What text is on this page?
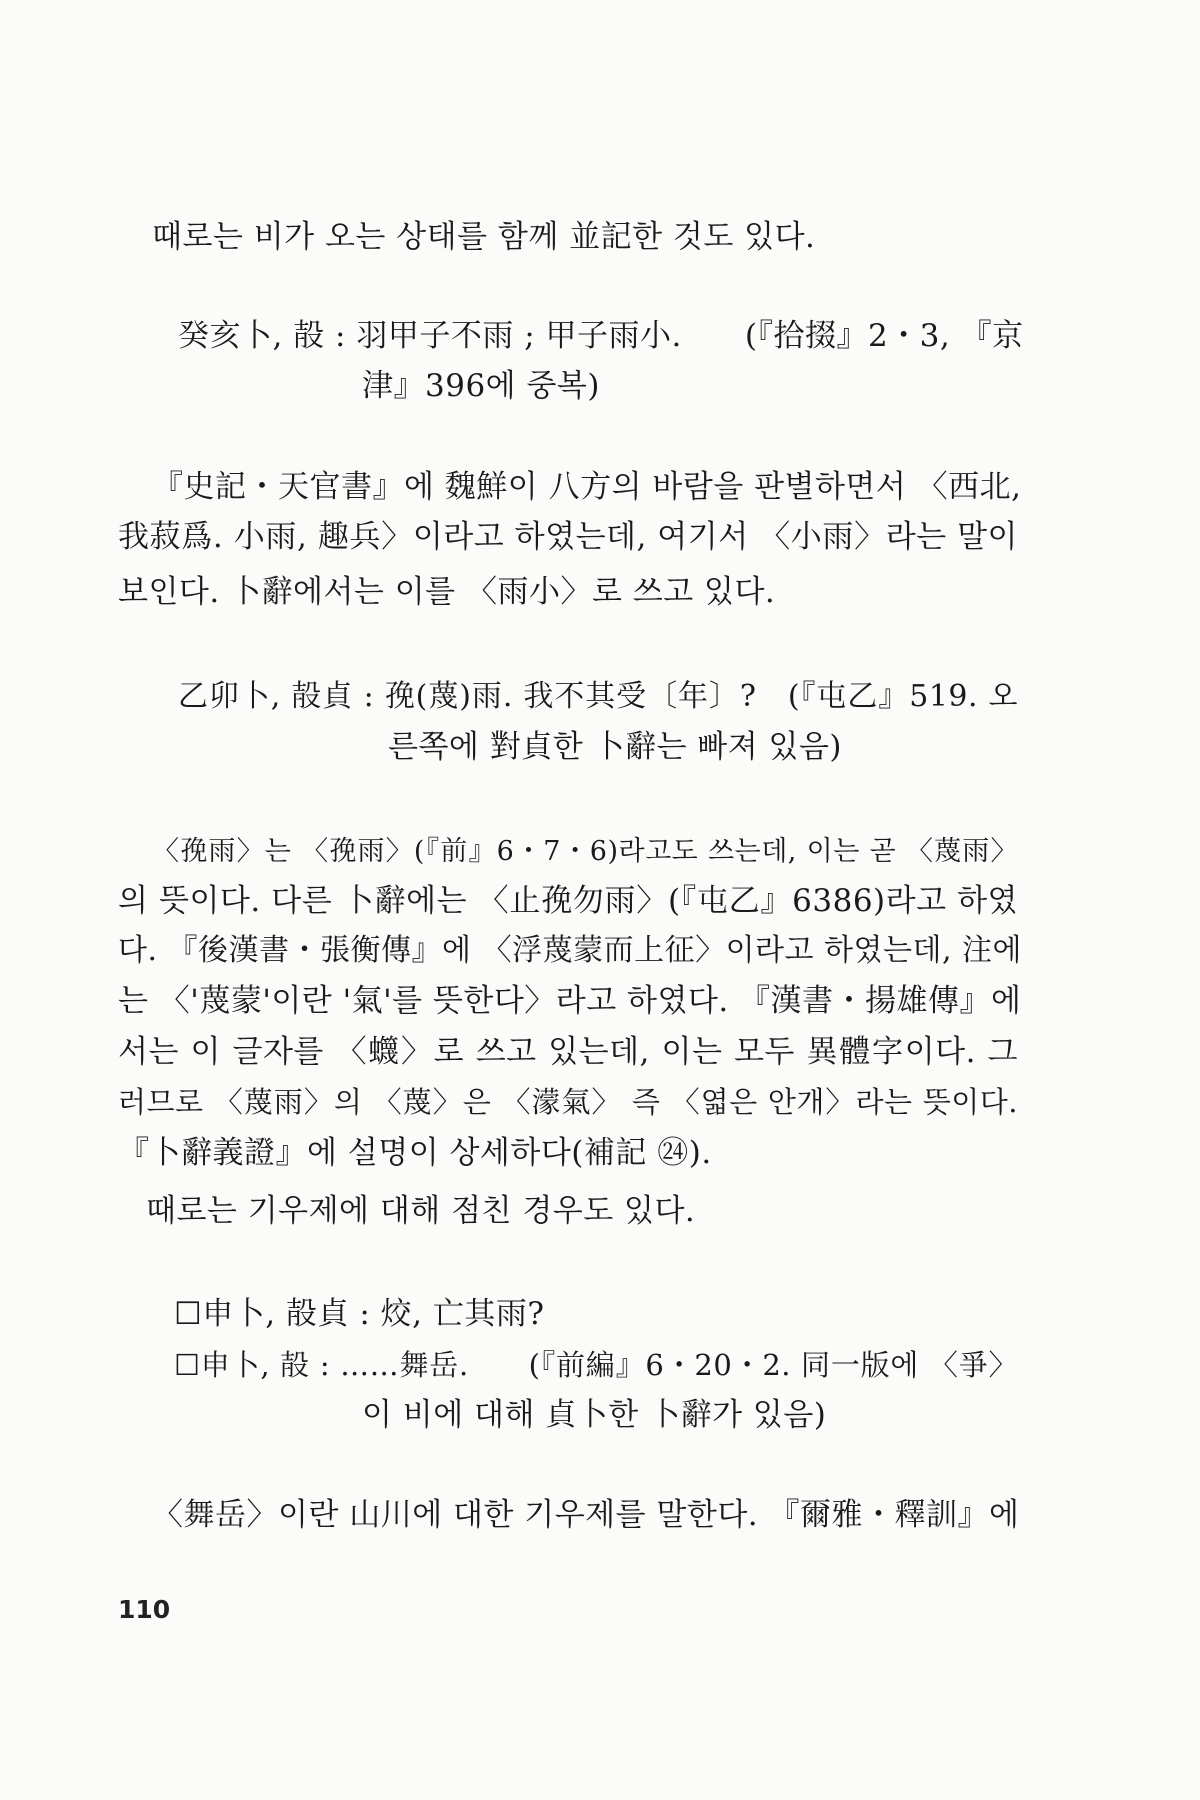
때로는 비가 오는 상태를 함께 並記한 것도 있다.
癸亥卜, 㱿 : 羽甲子不雨 ; 甲子雨小.　　(『拾掇』2・3, 『京
津』396에 중복)
『史記・天官書』에 魏鮮이 八方의 바람을 판별하면서 〈西北,
我菽爲. 小雨, 趣兵〉이라고 하였는데, 여기서 〈小雨〉라는 말이
보인다. 卜辭에서는 이를 〈雨小〉로 쓰고 있다.
乙卯卜, 㱿貞 : 㝃(蔑)雨. 我不其受〔年〕?　(『屯乙』519. 오
른쪽에 對貞한 卜辭는 빠져 있음)
〈㝃雨〉는 〈㝃雨〉(『前』6・7・6)라고도 쓰는데, 이는 곧 〈蔑雨〉
의 뜻이다. 다른 卜辭에는 〈止㝃勿雨〉(『屯乙』6386)라고 하였
다. 『後漢書・張衡傳』에 〈浮蔑蒙而上征〉이라고 하였는데, 注에
는 〈'蔑蒙'이란 '氣'를 뜻한다〉라고 하였다. 『漢書・揚雄傳』에
서는 이 글자를 〈䘊〉로 쓰고 있는데, 이는 모두 異體字이다. 그
러므로 〈蔑雨〉의 〈蔑〉은 〈濛氣〉 즉 〈엷은 안개〉라는 뜻이다.
『卜辭義證』에 설명이 상세하다(補記 ㉔).
때로는 기우제에 대해 점친 경우도 있다.
☐申卜, 㱿貞 : 烄, 亡其雨?
☐申卜, 㱿 : ……舞岳.　　(『前編』6・20・2. 同一版에 〈爭〉
이 비에 대해 貞卜한 卜辭가 있음)
〈舞岳〉이란 山川에 대한 기우제를 말한다. 『爾雅・釋訓』에
110
